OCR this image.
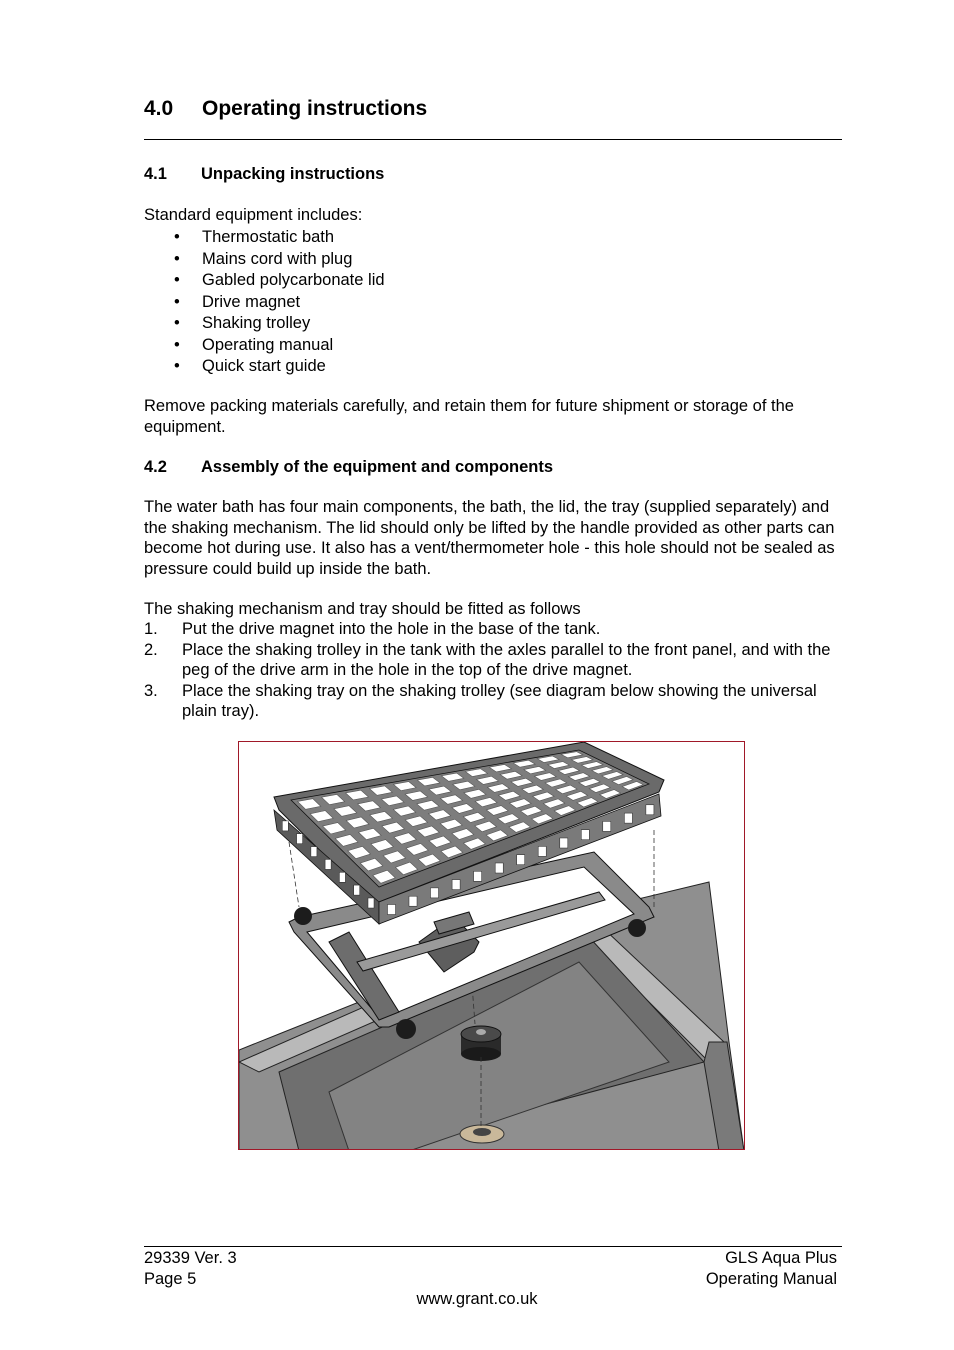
4.0 Operating instructions
4.1 Unpacking instructions

Standard equipment includes:

• Thermostatic bath
• Mains cord with plug
• Gabled polycarbonate lid
• Drive magnet
• Shaking trolley
• Operating manual
• Quick start guide

Remove packing materials carefully, and retain them for future shipment or storage of the equipment.

4.2 Assembly of the equipment and components

The water bath has four main components, the bath, the lid, the tray (supplied separately) and the shaking mechanism. The lid should only be lifted by the handle provided as other parts can become hot during use. It also has a vent/thermometer hole - this hole should not be sealed as pressure could build up inside the bath.

The shaking mechanism and tray should be fitted as follows

1. Put the drive magnet into the hole in the base of the tank.
2. Place the shaking trolley in the tank with the axles parallel to the front panel, and with the peg of the drive arm in the hole in the top of the drive magnet.
3. Place the shaking tray on the shaking trolley (see diagram below showing the universal plain tray).
29339 Ver. 3
Page 5
GLS Aqua Plus
Operating Manual
www.grant.co.uk
